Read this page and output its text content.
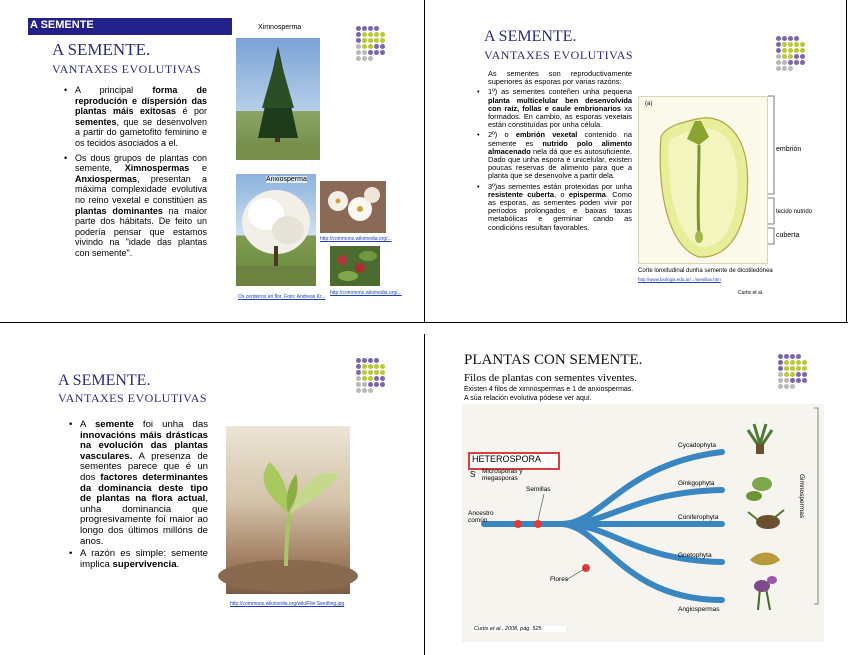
A SEMENTE
A SEMENTE.
VANTAXES EVOLUTIVAS
• A principal forma de reprodución e dispersión das plantas máis exitosas é por sementes, que se desenvolven a partir do gametofito feminino e os tecidos asociados a el.
• Os dous grupos de plantas con semente, Ximnospermas e Anxiospermas, presentan a máxima complexidade evolutiva no reino vexetal e constitúen as plantas dominantes na maior parte dos hábitats. De feito un podería pensar que estamos vivindo na "idade das plantas con semente".
Ximnosperma
Anxiosperma
http://commons.wikimedia.org/...
http://commons.wikimedia.org/...
Os cerdeiros en flor. Foto: Andreas Kr...
A SEMENTE.
VANTAXES EVOLUTIVAS
As sementes son reproductivamente superiores ás esporas por varias razóns:
• 1º) as sementes conteñen unha pequena planta multicelular ben desenvolvida con raíz, follas e caule embrionarios xa formados. En cambio, as esporas vexetais están constituídas por unha célula.
• 2º) o embrión vexetal contenido na semente es nutrido polo alimento almacenado nela dá que es autosuficiente. Dado que unha espora é unicelular, existen poucas reservas de alimento para que a planta que se desenvolve a partir dela.
• 3º)as sementes están protexidas por unha resistente cuberta, o episperma. Como as esporas, as sementes poden vivir por períodos prolongados e baixas taxas metabólicas e germinar cando as condicións resultan favorables.
(a)
Corte lonxitudinal dunha semente de dicotiledónea
http://www.biologia.edu.ar/.../semillas.htm
Curtis et al.
embrión
tecido nutrido
cuberta
A SEMENTE.
VANTAXES EVOLUTIVAS
• A semente foi unha das innovacións máis drásticas na evolución das plantas vasculares. A presenza de sementes parece que é un dos factores determinantes da dominancia deste tipo de plantas na flora actual, unha dominancia que progresivamente foi maior ao longo dos últimos millóns de anos.
• A razón es simple: semente implica supervivencia.
http://commons.wikimedia.org/wiki/File:Seedling.jpg
PLANTAS CON SEMENTE.
Filos de plantas con sementes viventes.
Existen 4 filos de ximnospermas e 1 de anxiospermas.
A súa relación evolutiva pódese ver aquí.
HETEROSPORA
S Microsporas y megasporas
Semillas
Ancestro común
Flores
Cycadophyta
Ginkgophyta
Coniferophyta
Gnetophyta
Angiospermas
Gimnospermas
Curtis et al., 2008, pág. 525
